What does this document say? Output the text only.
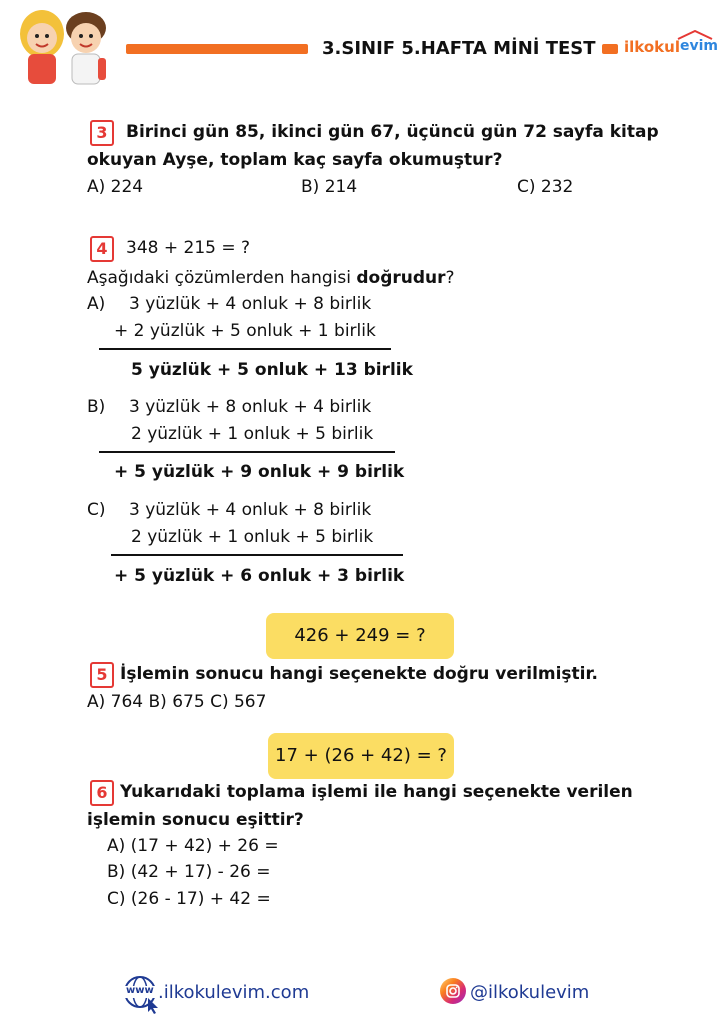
3.SINIF 5.HAFTA MİNİ TEST ilkokul evim
3	Birinci gün 85, ikinci gün 67, üçüncü gün 72 sayfa kitap
okuyan Ayşe, toplam kaç sayfa okumuştur?
A) 224	B) 214	C) 232
4	348 + 215 = ?
Aşağıdaki çözümlerden hangisi doğrudur?
A) 3 yüzlük + 4 onluk + 8 birlik
+ 2 yüzlük + 5 onluk + 1 birlik
5 yüzlük + 5 onluk + 13 birlik
B) 3 yüzlük + 8 onluk + 4 birlik
2 yüzlük + 1 onluk + 5 birlik
+ 5 yüzlük + 9 onluk + 9 birlik
C) 3 yüzlük + 4 onluk + 8 birlik
2 yüzlük + 1 onluk + 5 birlik
+ 5 yüzlük + 6 onluk + 3 birlik
426 + 249 = ?
5 İşlemin sonucu hangi seçenekte doğru verilmiştir.
A) 764 B) 675 C) 567
17 + (26 + 42) = ?
6 Yukarıdaki toplama işlemi ile hangi seçenekte verilen
işlemin sonucu eşittir?
A) (17 + 42) + 26 =
B) (42 + 17) - 26 =
C) (26 - 17) + 42 =
www .ilkokulevim.com	@ilkokulevim
